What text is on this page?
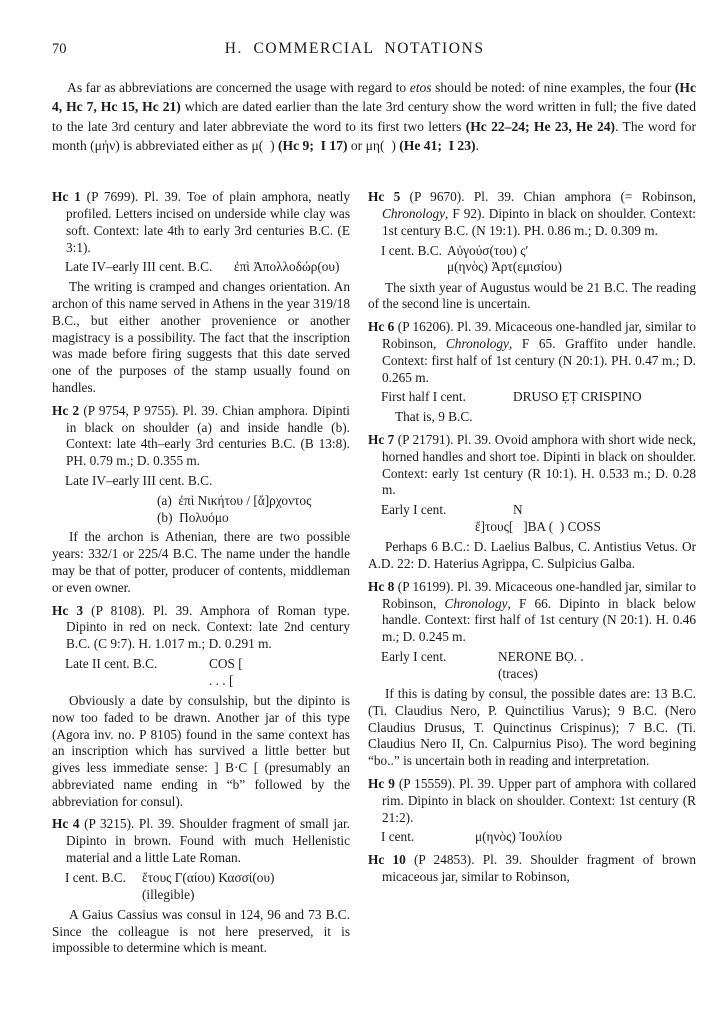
70	H. COMMERCIAL NOTATIONS

As far as abbreviations are concerned the usage with regard to etos should be noted: of nine examples, the four (Hc 4, Hc 7, Hc 15, Hc 21) which are dated earlier than the late 3rd century show the word written in full; the five dated to the late 3rd century and later abbreviate the word to its first two letters (Hc 22–24; He 23, He 24). The word for month (μήν) is abbreviated either as μ(  ) (Hc 9;  I 17) or μη(  ) (He 41;  I 23).

Hc 1 (P 7699). Pl. 39. Toe of plain amphora, neatly profiled. Letters incised on underside while clay was soft. Context: late 4th to early 3rd centuries B.C. (E 3:1).

Late IV–early III cent. B.C. ἐπὶ Ἀπολλοδώρ(ου)

The writing is cramped and changes orientation. An archon of this name served in Athens in the year 319/18 B.C., but either another provenience or another magistracy is a possibility. The fact that the inscription was made before firing suggests that this date served one of the purposes of the stamp usually found on handles.

Hc 2 (P 9754, P 9755). Pl. 39. Chian amphora. Dipinti in black on shoulder (a) and inside handle (b). Context: late 4th–early 3rd centuries B.C. (B 13:8). PH. 0.79 m.; D. 0.355 m.

Late IV–early III cent. B.C.
(a)  ἐπὶ Νικήτου / [ἄ]ρχοντος
(b)  Πολυόμο

If the archon is Athenian, there are two possible years: 332/1 or 225/4 B.C. The name under the handle may be that of potter, producer of contents, middleman or even owner.

Hc 3 (P 8108). Pl. 39. Amphora of Roman type. Dipinto in red on neck. Context: late 2nd century B.C. (C 9:7). H. 1.017 m.; D. 0.291 m.

Late II cent. B.C.	COS [
. . . [

Obviously a date by consulship, but the dipinto is now too faded to be drawn. Another jar of this type (Agora inv. no. P 8105) found in the same context has an inscription which has survived a little better but gives less immediate sense: ] B·C [ (presumably an abbreviated name ending in “b” followed by the abbreviation for consul).

Hc 4 (P 3215). Pl. 39. Shoulder fragment of small jar. Dipinto in brown. Found with much Hellenistic material and a little Late Roman.

I cent. B.C. ἔτους Γ(αίου) Κασσί(ου)
(illegible)

A Gaius Cassius was consul in 124, 96 and 73 B.C. Since the colleague is not here preserved, it is impossible to determine which is meant.

Hc 5 (P 9670). Pl. 39. Chian amphora (= Robinson, Chronology, F 92). Dipinto in black on shoulder. Context: 1st century B.C. (N 19:1). PH. 0.86 m.; D. 0.309 m.

I cent. B.C. Αὐγούσ(του) ς′
μ(ηνὸς) Ἀρτ(εμισίου)

The sixth year of Augustus would be 21 B.C. The reading of the second line is uncertain.

Hc 6 (P 16206). Pl. 39. Micaceous one-handled jar, similar to Robinson, Chronology, F 65. Graffito under handle. Context: first half of 1st century (N 20:1). PH. 0.47 m.; D. 0.265 m.

First half I cent.	DRUSO ẸṬ CRISPINO

That is, 9 B.C.

Hc 7 (P 21791). Pl. 39. Ovoid amphora with short wide neck, horned handles and short toe. Dipinti in black on shoulder. Context: early 1st century (R 10:1). H. 0.533 m.; D. 0.28 m.

Early I cent.	N
ἔ]τους[   ]ΒΑ (  ) COSS

Perhaps 6 B.C.: D. Laelius Balbus, C. Antistius Vetus. Or A.D. 22: D. Haterius Agrippa, C. Sulpicius Galba.

Hc 8 (P 16199). Pl. 39. Micaceous one-handled jar, similar to Robinson, Chronology, F 66. Dipinto in black below handle. Context: first half of 1st century (N 20:1). H. 0.46 m.; D. 0.245 m.

Early I cent.	NERONE BỌ. .
(traces)

If this is dating by consul, the possible dates are: 13 B.C. (Ti. Claudius Nero, P. Quinctilius Varus); 9 B.C. (Nero Claudius Drusus, T. Quinctinus Crispinus); 7 B.C. (Ti. Claudius Nero II, Cn. Calpurnius Piso). The word begining “bo..” is uncertain both in reading and interpretation.

Hc 9 (P 15559). Pl. 39. Upper part of amphora with collared rim. Dipinto in black on shoulder. Context: 1st century (R 21:2).

I cent.	μ(ηνὸς) Ἰουλίου

Hc 10 (P 24853). Pl. 39. Shoulder fragment of brown micaceous jar, similar to Robinson,
